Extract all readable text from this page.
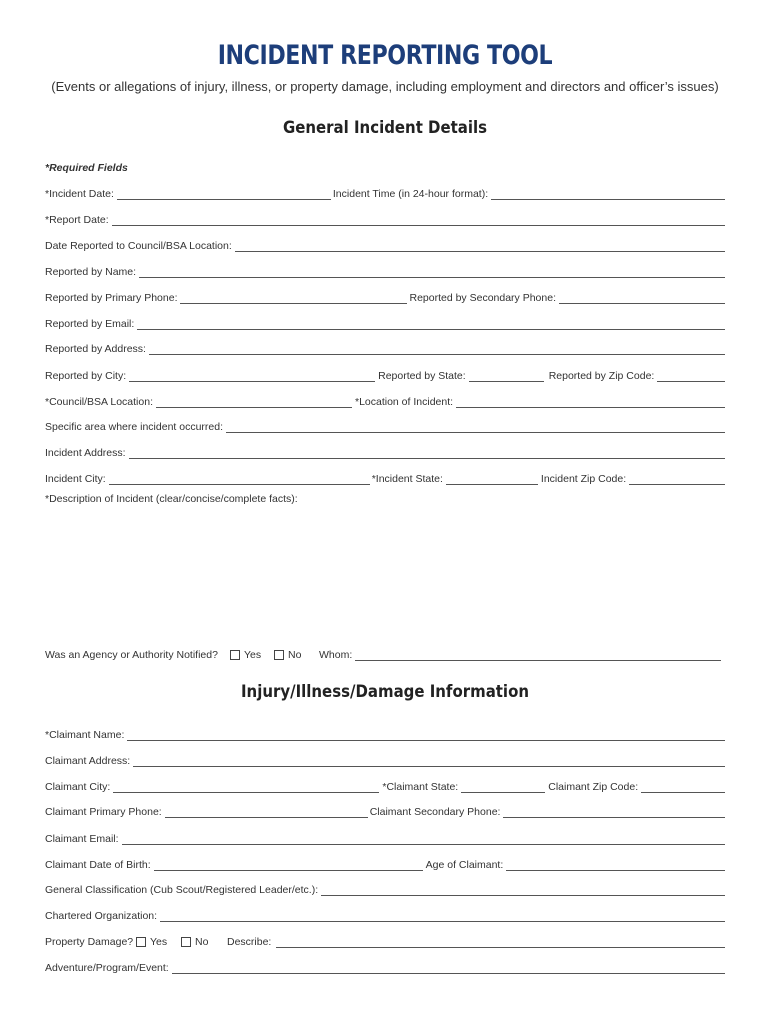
INCIDENT REPORTING TOOL
(Events or allegations of injury, illness, or property damage, including employment and directors and officer’s issues)
General Incident Details
*Required Fields
*Incident Date:	Incident Time (in 24-hour format):
*Report Date:
Date Reported to Council/BSA Location:
Reported by Name:
Reported by Primary Phone:	Reported by Secondary Phone:
Reported by Email:
Reported by Address:
Reported by City:	Reported by State:	Reported by Zip Code:
*Council/BSA Location:	*Location of Incident:
Specific area where incident occurred:
Incident Address:
Incident City:	*Incident State:	Incident Zip Code:
*Description of Incident (clear/concise/complete facts):
Was an Agency or Authority Notified?	Yes	No Whom:
Injury/Illness/Damage Information
*Claimant Name:
Claimant Address:
Claimant City:	*Claimant State:	Claimant Zip Code:
Claimant Primary Phone:	Claimant Secondary Phone:
Claimant Email:
Claimant Date of Birth:	Age of Claimant:
General Classification (Cub Scout/Registered Leader/etc.):
Chartered Organization:
Property Damage? Yes	No Describe:
Adventure/Program/Event:
